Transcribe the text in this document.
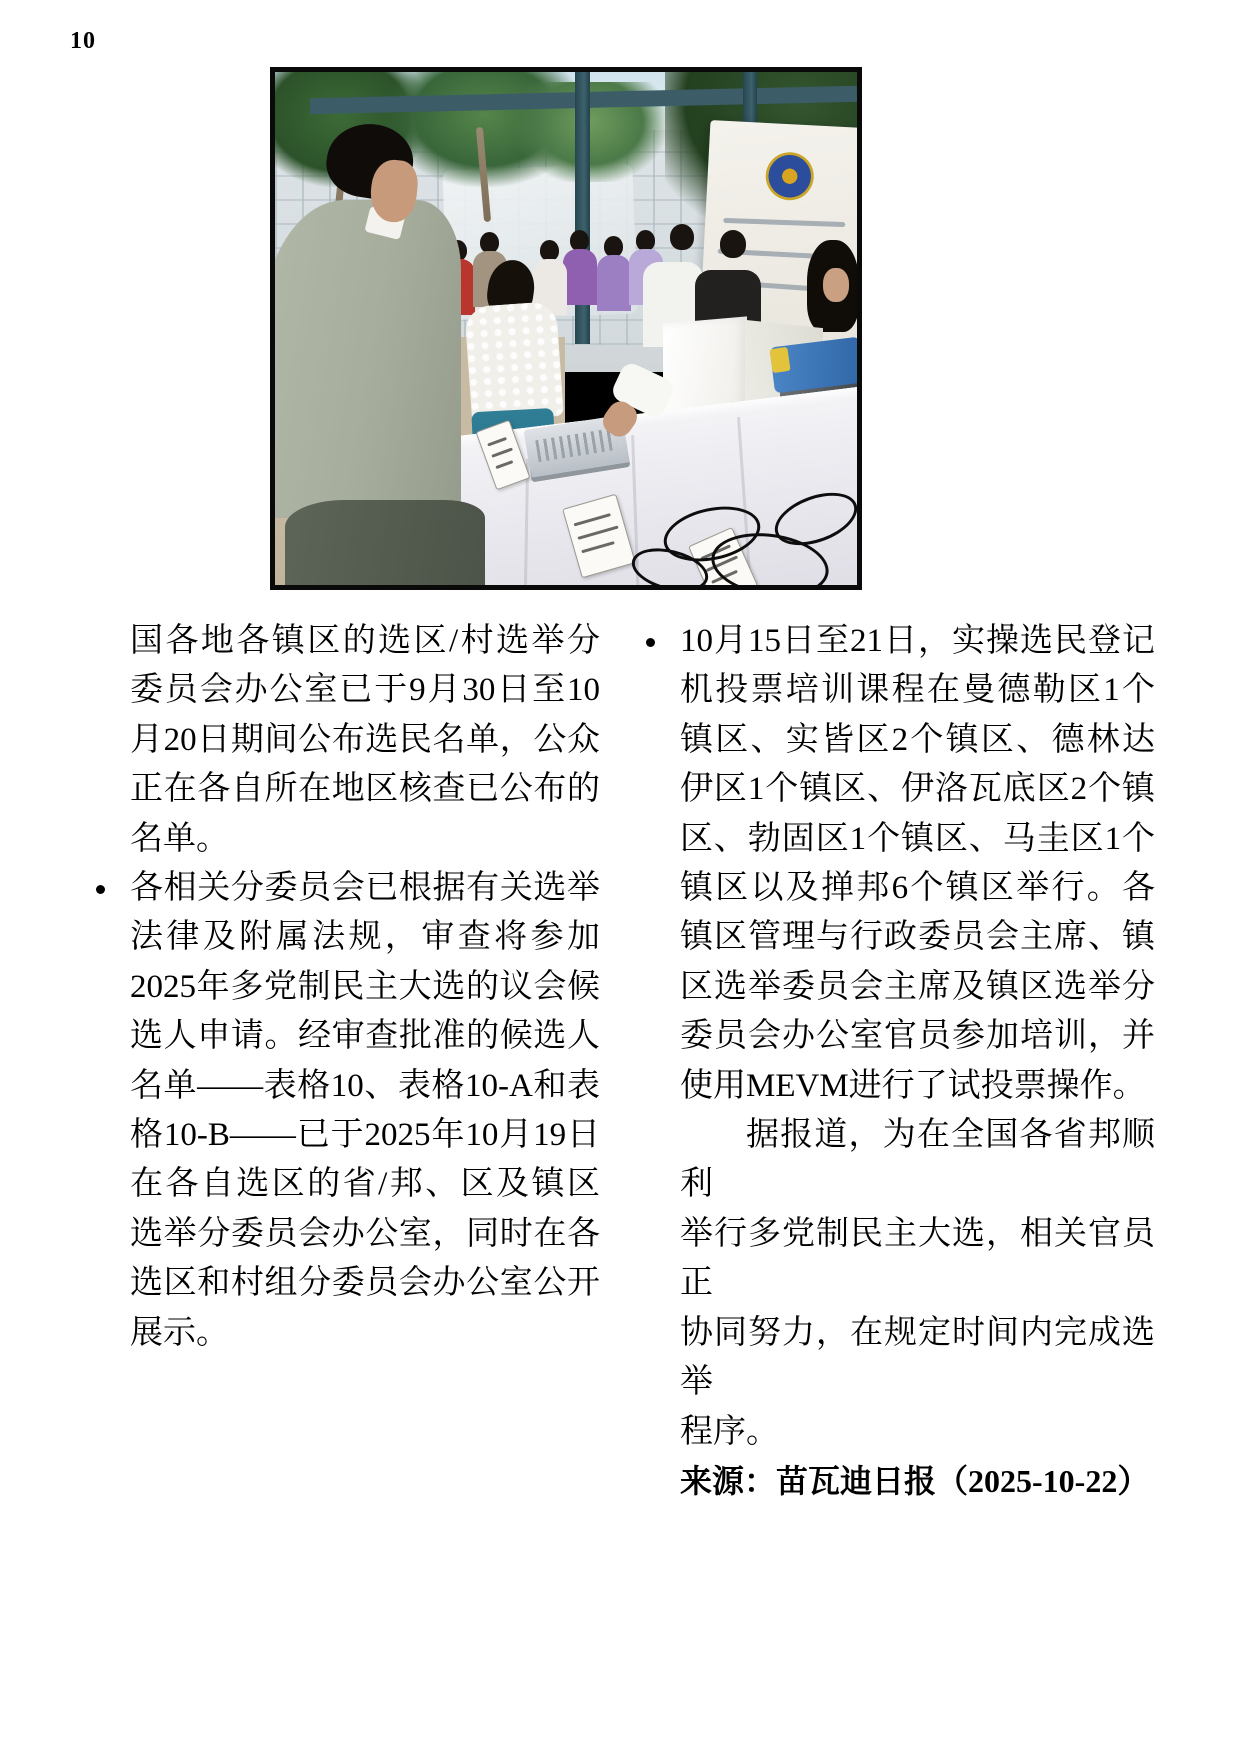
10
国各地各镇区的选区/村选举分
委员会办公室已于9月30日至10
月20日期间公布选民名单，公众
正在各自所在地区核查已公布的
名单。
各相关分委员会已根据有关选举
法律及附属法规，审查将参加
2025年多党制民主大选的议会候
选人申请。经审查批准的候选人
名单——表格10、表格10-A和表
格10-B——已于2025年10月19日
在各自选区的省/邦、区及镇区
选举分委员会办公室，同时在各
选区和村组分委员会办公室公开
展示。
10月15日至21日，实操选民登记
机投票培训课程在曼德勒区1个
镇区、实皆区2个镇区、德林达
伊区1个镇区、伊洛瓦底区2个镇
区、勃固区1个镇区、马圭区1个
镇区以及掸邦6个镇区举行。各
镇区管理与行政委员会主席、镇
区选举委员会主席及镇区选举分
委员会办公室官员参加培训，并
使用MEVM进行了试投票操作。
据报道，为在全国各省邦顺利
举行多党制民主大选，相关官员正
协同努力，在规定时间内完成选举
程序。
来源：苗瓦迪日报（2025-10-22）
